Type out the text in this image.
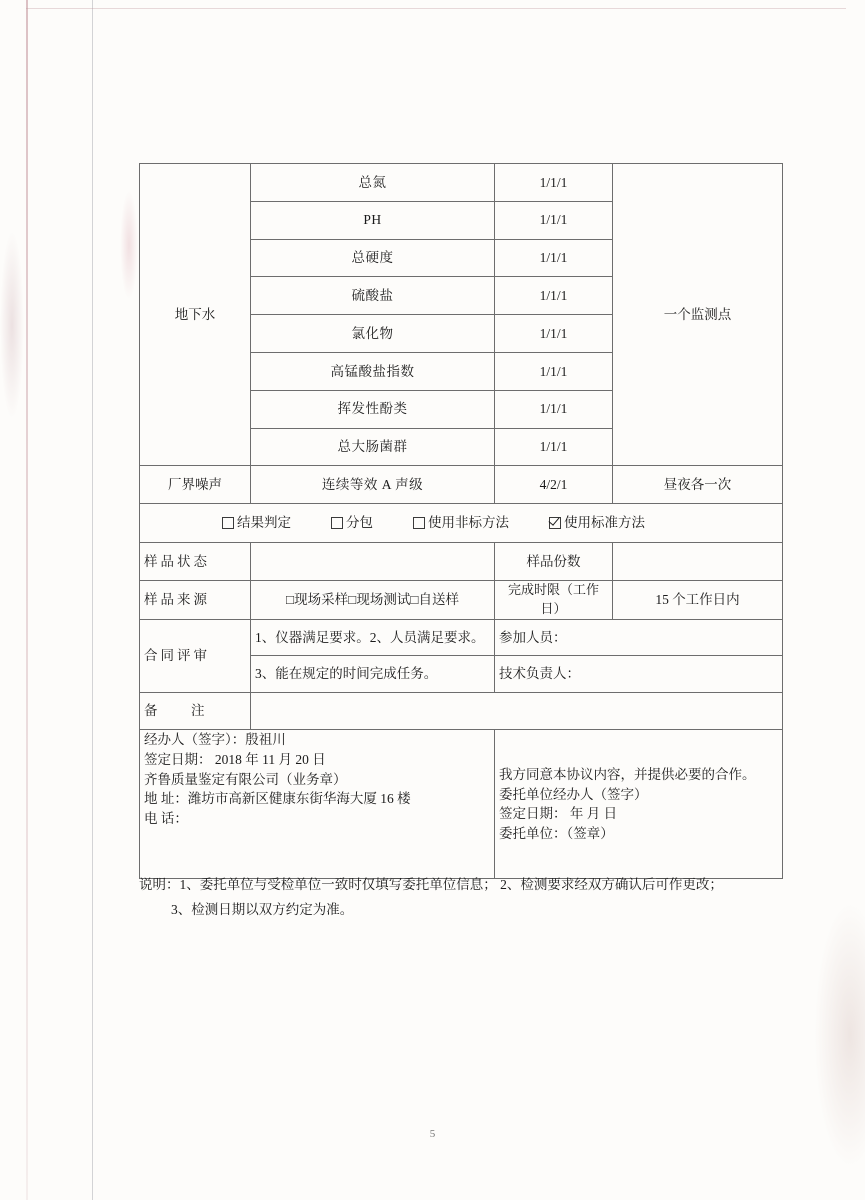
地下水	总氮	1/1/1	一个监测点
	PH	1/1/1	
	总硬度	1/1/1	
	硫酸盐	1/1/1	
	氯化物	1/1/1	
	高锰酸盐指数	1/1/1	
	挥发性酚类	1/1/1	
	总大肠菌群	1/1/1	
厂界噪声	连续等效 A 声级	4/2/1	昼夜各一次

结果判定 分包 使用非标方法 使用标准方法			

样品状态		样品份数	
样品来源	□现场采样□现场测试□自送样	完成时限（工作日）	15 个工作日内
合同评审	1、仪器满足要求。2、人员满足要求。	参加人员：	
	3、能在规定的时间完成任务。	技术负责人：	
备　注			

经办人（签字）：殷祖川
签定日期： 2018 年 11 月 20 日
齐鲁质量鉴定有限公司（业务章）
地 址：潍坊市高新区健康东街华海大厦 16 楼
电 话：

我方同意本协议内容，并提供必要的合作。
委托单位经办人（签字）
签定日期： 年 月 日
委托单位：（签章）
说明：1、委托单位与受检单位一致时仅填写委托单位信息； 2、检测要求经双方确认后可作更改；
3、检测日期以双方约定为准。
5
